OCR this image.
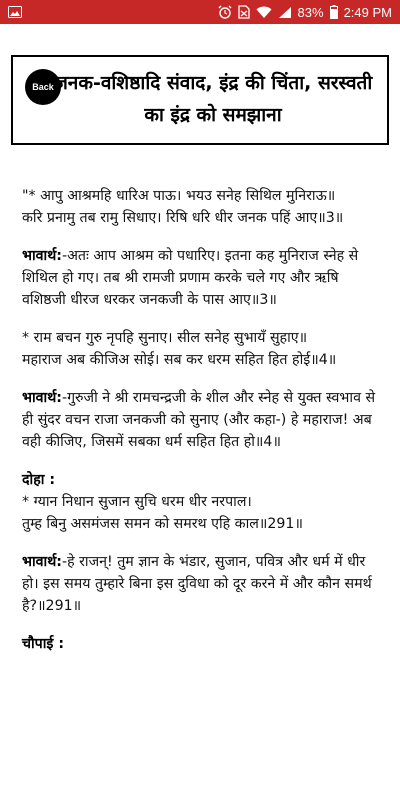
83% 2:49 PM
Back जनक-वशिष्ठादि संवाद, इंद्र की चिंता, सरस्वती का इंद्र को समझाना
"* आपु आश्रमहि धारिअ पाऊ। भयउ सनेह सिथिल मुनिराऊ॥
करि प्रनामु तब रामु सिधाए। रिषि धरि धीर जनक पहिं आए॥3॥
भावार्थ:-अतः आप आश्रम को पधारिए। इतना कह मुनिराज स्नेह से शिथिल हो गए। तब श्री रामजी प्रणाम करके चले गए और ऋषि वशिष्ठजी धीरज धरकर जनकजी के पास आए॥3॥
* राम बचन गुरु नृपहि सुनाए। सील सनेह सुभायँ सुहाए॥
महाराज अब कीजिअ सोई। सब कर धरम सहित हित होई॥4॥
भावार्थ:-गुरुजी ने श्री रामचन्द्रजी के शील और स्नेह से युक्त स्वभाव से ही सुंदर वचन राजा जनकजी को सुनाए (और कहा-) हे महाराज! अब वही कीजिए, जिसमें सबका धर्म सहित हित हो॥4॥
दोहा :
* ग्यान निधान सुजान सुचि धरम धीर नरपाल।
तुम्ह बिनु असमंजस समन को समरथ एहि काल॥291॥
भावार्थ:-हे राजन्! तुम ज्ञान के भंडार, सुजान, पवित्र और धर्म में धीर हो। इस समय तुम्हारे बिना इस दुविधा को दूर करने में और कौन समर्थ है?॥291॥
चौपाई :
